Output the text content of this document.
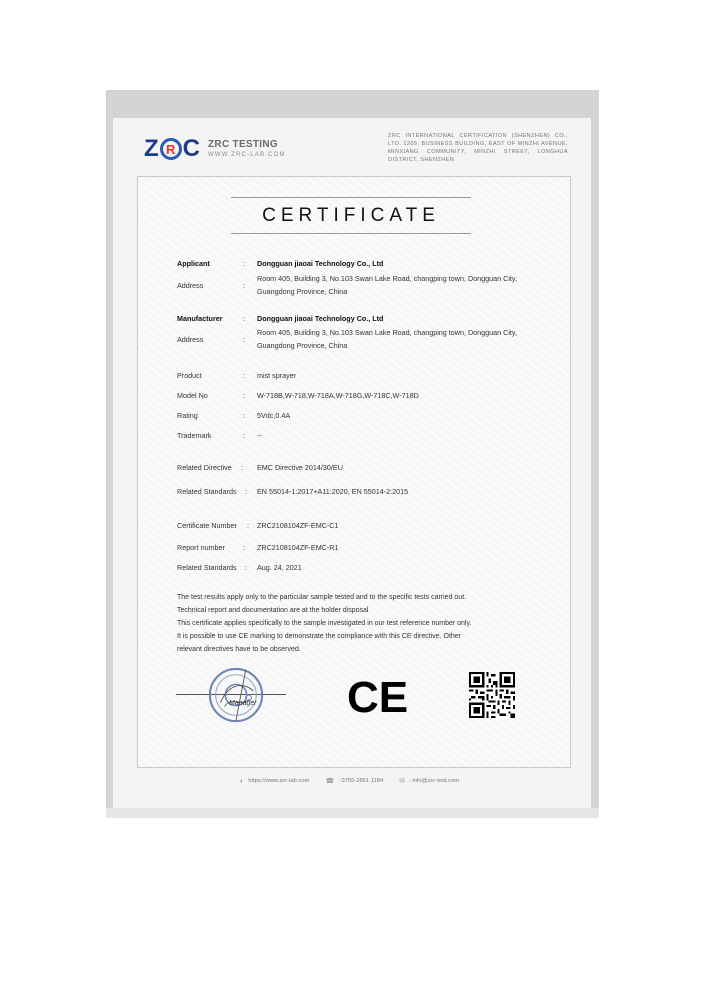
Z R C ZRC TESTING
WWW.ZRC-LAB.COM
ZRC INTERNATIONAL CERTIFICATION (SHENZHEN) CO., LTD. 1205, BUSINESS BUILDING, EAST OF MINZHI AVENUE, MINXIANG COMMUNITY, MINZHI STREET, LONGHUA DISTRICT, SHENZHEN
CERTIFICATE
Applicant	: Dongguan jiaoai Technology Co., Ltd
Address	:
Room 405, Building 3, No.103 Swan Lake Road, changping town, Dongguan City, Guangdong Province, China
Manufacturer	: Dongguan jiaoai Technology Co., Ltd
Address	:
Room 405, Building 3, No.103 Swan Lake Road, changping town, Dongguan City, Guangdong Province, China
Product	: mist sprayer
Model No	: W-718B,W-718,W-718A,W-718G,W-718C,W-718D
Rating	: 5Vdc,0.4A
Trademark	: --
Related Directive : EMC Directive 2014/30/EU
Related Standards : EN 55014-1:2017+A11:2020, EN 55014-2:2015
Certificate Number : ZRC2108104ZF-EMC-C1
Report number	: ZRC2108104ZF-EMC-R1
Related Standards : Aug. 24, 2021
The test results apply only to the particular sample tested and to the specific tests carried out.
Technical report and documentation are at the holder disposal
This certificate applies specifically to the sample investigated in our test reference number only.
It is possible to use CE marking to demonstrate the compliance with this CE directive. Other
relevant directives have to be observed.
Manager CE
◐ https://www.zrc-lab.com ☎ : 0755-2851 1184 ✉ : info@zrc-test.com
